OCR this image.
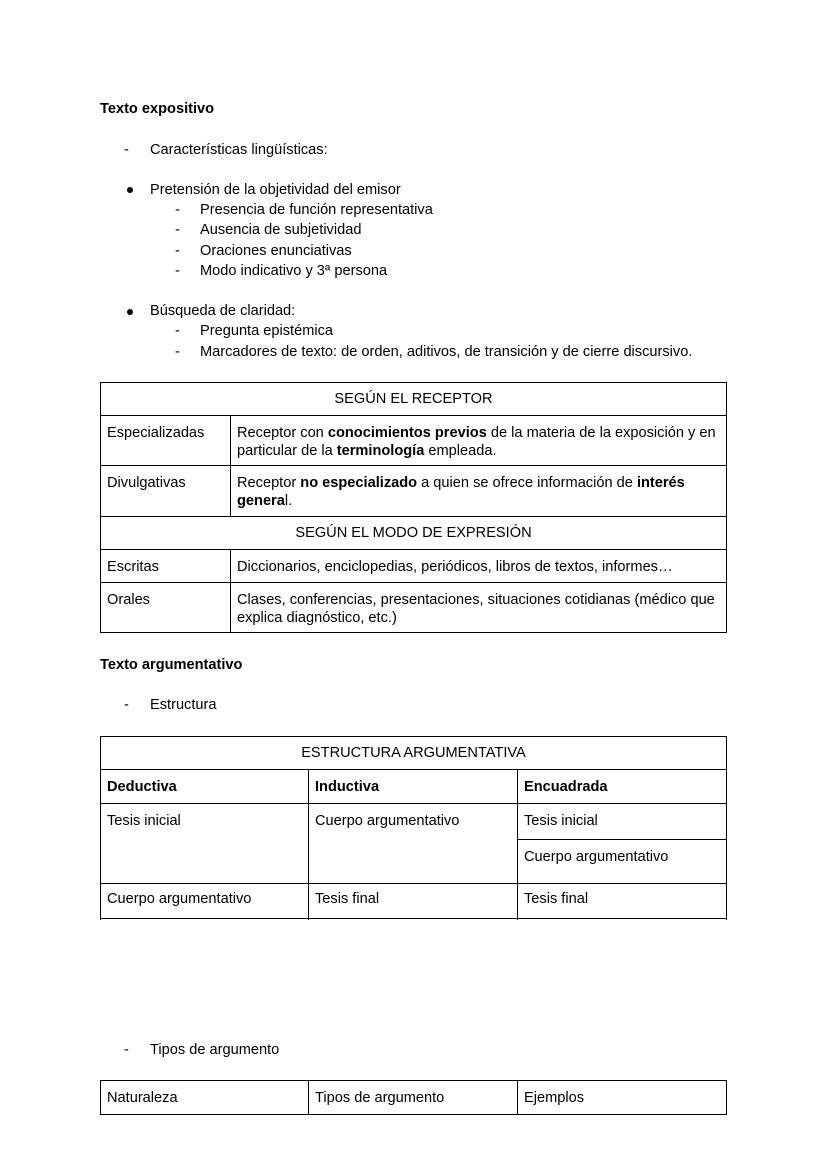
Texto expositivo
- Características lingüísticas:
Pretensión de la objetividad del emisor
- Presencia de función representativa
- Ausencia de subjetividad
- Oraciones enunciativas
- Modo indicativo y 3ª persona
Búsqueda de claridad:
- Pregunta epistémica
- Marcadores de texto: de orden, aditivos, de transición y de cierre discursivo.
SEGÚN EL RECEPTOR	
Especializadas	Receptor con conocimientos previos de la materia de la exposición y en particular de la terminología empleada.
Divulgativas	Receptor no especializado a quien se ofrece información de interés general.
SEGÚN EL MODO DE EXPRESIÓN	
Escritas	Diccionarios, enciclopedias, periódicos, libros de textos, informes…
Orales	Clases, conferencias, presentaciones, situaciones cotidianas (médico que explica diagnóstico, etc.)
Texto argumentativo
- Estructura
ESTRUCTURA ARGUMENTATIVA		
Deductiva	Inductiva	Encuadrada
Tesis inicial	Cuerpo argumentativo	Tesis inicial
		Cuerpo argumentativo
Cuerpo argumentativo	Tesis final	Tesis final

- Tipos de argumento
Naturaleza	Tipos de argumento	Ejemplos
